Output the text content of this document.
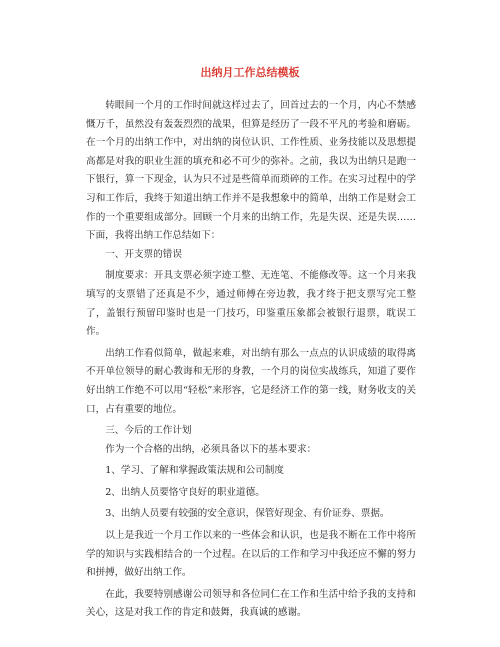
出纳月工作总结模板

转眼间一个月的工作时间就这样过去了，回首过去的一个月，内心不禁感慨万千，虽然没有轰轰烈烈的战果，但算是经历了一段不平凡的考验和磨砺。在一个月的出纳工作中，对出纳的岗位认识、工作性质、业务技能以及思想提高都是对我的职业生涯的填充和必不可少的弥补。之前，我以为出纳只是跑一下银行，算一下现金，认为只不过是些简单而琐碎的工作。在实习过程中的学习和工作后，我终于知道出纳工作并不是我想象中的简单，出纳工作是财会工作的一个重要组成部分。回顾一个月来的出纳工作，先是失误、还是失误……下面，我将出纳工作总结如下：

一、开支票的错误

制度要求：开具支票必须字迹工整、无连笔、不能修改等。这一个月来我填写的支票错了还真是不少，通过师傅在旁边教，我才终于把支票写完工整了，盖银行预留印鉴时也是一门技巧，印鉴重压象都会被银行退票，耽误工作。

出纳工作看似简单，做起来难，对出纳有那么一点点的认识成绩的取得离不开单位领导的耐心教诲和无形的身教，一个月的岗位实战练兵，知道了要作好出纳工作绝不可以用“轻松”来形容，它是经济工作的第一线，财务收支的关口，占有重要的地位。

三、今后的工作计划

作为一个合格的出纳，必须具备以下的基本要求：

1、学习、了解和掌握政策法规和公司制度

2、出纳人员要恪守良好的职业道德。

3、出纳人员要有较强的安全意识，保管好现金、有价证券、票据。

以上是我近一个月工作以来的一些体会和认识，也是我不断在工作中将所学的知识与实践相结合的一个过程。在以后的工作和学习中我还应不懈的努力和拼搏，做好出纳工作。

在此，我要特别感谢公司领导和各位同仁在工作和生活中给予我的支持和关心，这是对我工作的肯定和鼓舞，我真诚的感谢。
